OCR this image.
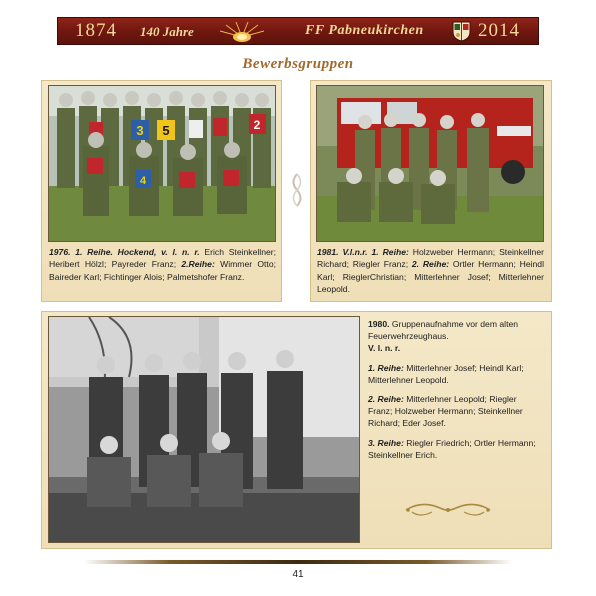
1874 140 Jahre	FF Pabneukirchen	2014
Bewerbsgruppen
3 5	2
4
1976. 1. Reihe. Hockend, v. l. n. r. Erich Steinkellner; Heribert Hölzl; Payreder Franz; 2.Reihe: Wimmer Otto; Baireder Karl; Fichtinger Alois; Palmetshofer Franz.
1981. V.l.n.r. 1. Reihe: Holzweber Hermann; Steinkellner Richard; Riegler Franz; 2. Reihe: Ortler Hermann; Heindl Karl; RieglerChristian; Mitterlehner Josef; Mitterlehner Leopold.

1980. Gruppenaufnahme vor dem alten Feuerwehrzeughaus.
V. l. n. r.

1. Reihe: Mitterlehner Josef; Heindl Karl; Mitterlehner Leopold.

2. Reihe: Mitterlehner Leopold; Riegler Franz; Holzweber Hermann; Steinkellner Richard; Eder Josef.

3. Reihe: Riegler Friedrich; Ortler Hermann; Steinkellner Erich.

41
